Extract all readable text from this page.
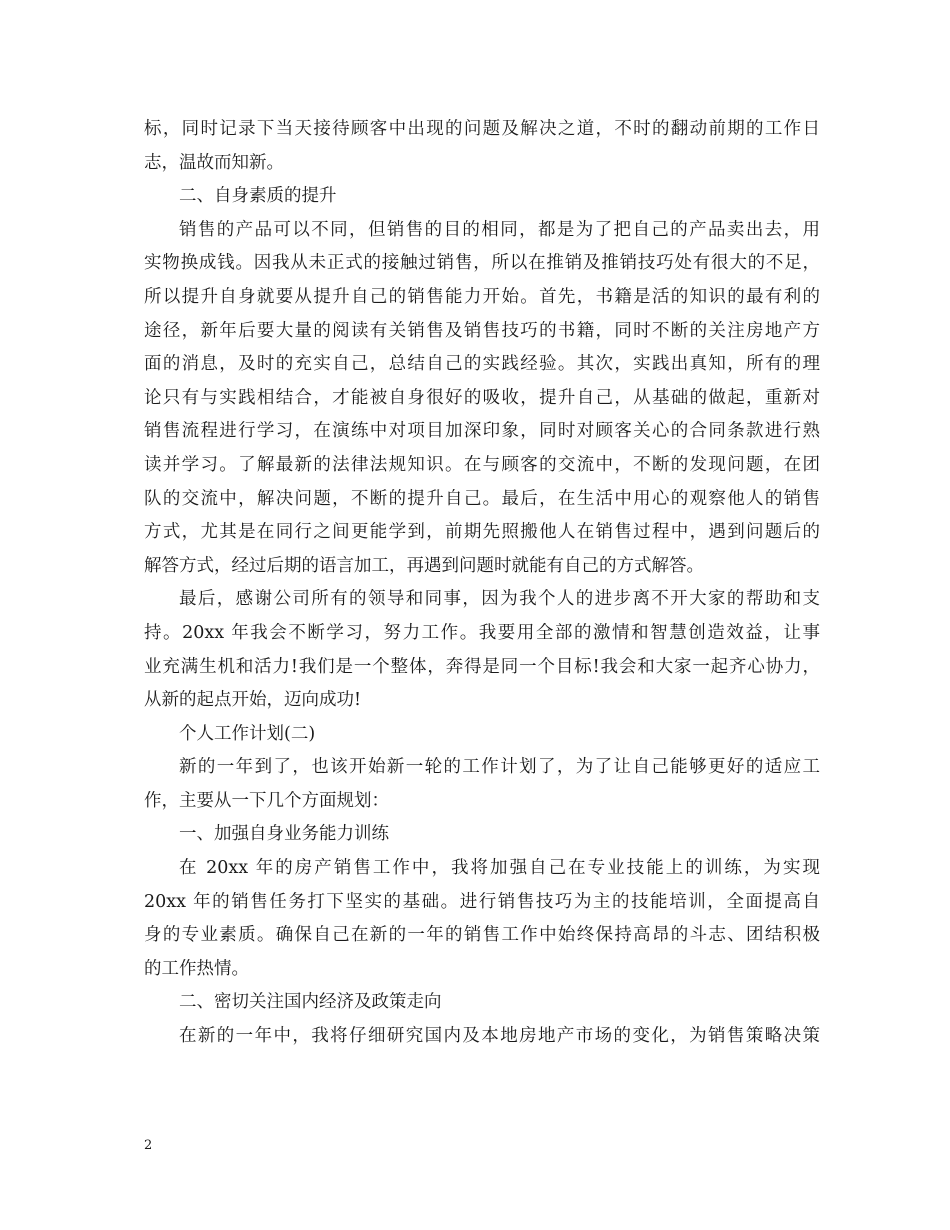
标，同时记录下当天接待顾客中出现的问题及解决之道，不时的翻动前期的工作日
志，温故而知新。
二、自身素质的提升
销售的产品可以不同，但销售的目的相同，都是为了把自己的产品卖出去，用
实物换成钱。因我从未正式的接触过销售，所以在推销及推销技巧处有很大的不足，
所以提升自身就要从提升自己的销售能力开始。首先，书籍是活的知识的最有利的
途径，新年后要大量的阅读有关销售及销售技巧的书籍，同时不断的关注房地产方
面的消息，及时的充实自己，总结自己的实践经验。其次，实践出真知，所有的理
论只有与实践相结合，才能被自身很好的吸收，提升自己，从基础的做起，重新对
销售流程进行学习，在演练中对项目加深印象，同时对顾客关心的合同条款进行熟
读并学习。了解最新的法律法规知识。在与顾客的交流中，不断的发现问题，在团
队的交流中，解决问题，不断的提升自己。最后，在生活中用心的观察他人的销售
方式，尤其是在同行之间更能学到，前期先照搬他人在销售过程中，遇到问题后的
解答方式，经过后期的语言加工，再遇到问题时就能有自己的方式解答。
最后，感谢公司所有的领导和同事，因为我个人的进步离不开大家的帮助和支
持。20xx 年我会不断学习，努力工作。我要用全部的激情和智慧创造效益，让事
业充满生机和活力!我们是一个整体，奔得是同一个目标!我会和大家一起齐心协力，
从新的起点开始，迈向成功!
个人工作计划(二)
新的一年到了，也该开始新一轮的工作计划了，为了让自己能够更好的适应工
作，主要从一下几个方面规划：
一、加强自身业务能力训练
在 20xx 年的房产销售工作中，我将加强自己在专业技能上的训练，为实现
20xx 年的销售任务打下坚实的基础。进行销售技巧为主的技能培训，全面提高自
身的专业素质。确保自己在新的一年的销售工作中始终保持高昂的斗志、团结积极
的工作热情。
二、密切关注国内经济及政策走向
在新的一年中，我将仔细研究国内及本地房地产市场的变化，为销售策略决策
2
